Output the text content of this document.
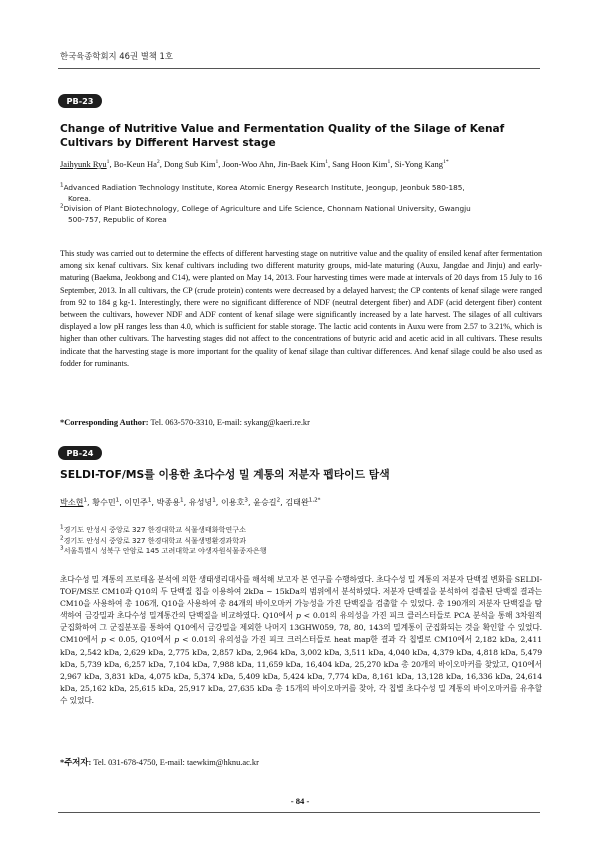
한국육종학회지 46권 별책 1호
PB-23
Change of Nutritive Value and Fermentation Quality of the Silage of Kenaf Cultivars by Different Harvest stage
Jaihyunk Ryu$^1$, Bo-Keun Ha$^2$, Dong Sub Kim$^1$, Joon-Woo Ahn, Jin-Baek Kim$^1$, Sang Hoon Kim$^1$, Si-Yong Kang$^{1*}$
$^1$Advanced Radiation Technology Institute, Korea Atomic Energy Research Institute, Jeongup, Jeonbuk 580-185,
Korea.
$^2$Division of Plant Biotechnology, College of Agriculture and Life Science, Chonnam National University, Gwangju
500-757, Republic of Korea
This study was carried out to determine the effects of different harvesting stage on nutritive value and the quality of ensiled kenaf after fermentation among six kenaf cultivars. Six kenaf cultivars including two different maturity groups, mid-late maturing (Auxu, Jangdae and Jinju) and early-maturing (Baekma, Jeokbong and C14), were planted on May 14, 2013. Four harvesting times were made at intervals of 20 days from 15 July to 16 September, 2013. In all cultivars, the CP (crude protein) contents were decreased by a delayed harvest; the CP contents of kenaf silage were ranged from 92 to 184 g kg-1. Interestingly, there were no significant difference of NDF (neutral detergent fiber) and ADF (acid detergent fiber) content between the cultivars, however NDF and ADF content of kenaf silage were significantly increased by a late harvest. The silages of all cultivars displayed a low pH ranges less than 4.0, which is sufficient for stable storage. The lactic acid contents in Auxu were from 2.57 to 3.21%, which is higher than other cultivars. The harvesting stages did not affect to the concentrations of butyric acid and acetic acid in all cultivars. These results indicate that the harvesting stage is more important for the quality of kenaf silage than cultivar differences. And kenaf silage could be also used as fodder for ruminants.
*Corresponding Author: Tel. 063-570-3310, E-mail: sykang@kaeri.re.kr
PB-24
SELDI-TOF/MS를 이용한 초다수성 밀 계통의 저분자 펩타이드 탐색
박소현$^1$, 황수민$^1$, 이민주$^1$, 박종용$^1$, 유성녕$^1$, 이용호$^3$, 윤승길$^2$, 김태완$^{1,2*}$
$^1$경기도 안성시 중앙로 327 한경대학교 식물생태화학연구소
$^2$경기도 안성시 중앙로 327 한경대학교 식물생명환경과학과
$^3$서울특별시 성북구 안암로 145 고려대학교 야생자원식물종자은행
초다수성 밀 계통의 프로테옴 분석에 의한 생태생리대사를 해석해 보고자 본 연구를 수행하였다. 초다수성 밀 계통의 저분자 단백질 변화를 SELDI-TOF/MS로 CM10과 Q10의 두 단백질 칩을 이용하여 2kDa ~ 15kDa의 범위에서 분석하였다. 저분자 단백질을 분석하여 검출된 단백질 결과는 CM10을 사용하여 총 106개, Q10을 사용하여 총 84개의 바이오마커 가능성을 가진 단백질을 검출할 수 있었다. 총 190개의 저분자 단백질을 탐색하여 금강밀과 초다수성 밀계통간의 단백질을 비교하였다. Q10에서 p < 0.01의 유의성을 가진 피크 클러스터들로 PCA 분석을 통해 3차원적 군집화하여 그 군집분포를 통하여 Q10에서 금강밀을 제외한 나머지 13GHW059, 78, 80, 143의 밀계통이 군집화되는 것을 확인할 수 있었다. CM10에서 p < 0.05, Q10에서 p < 0.01의 유의성을 가진 피크 크러스터들로 heat map한 결과 각 칩별로 CM10에서 2,182 kDa, 2,411 kDa, 2,542 kDa, 2,629 kDa, 2,775 kDa, 2,857 kDa, 2,964 kDa, 3,002 kDa, 3,511 kDa, 4,040 kDa, 4,379 kDa, 4,818 kDa, 5,479 kDa, 5,739 kDa, 6,257 kDa, 7,104 kDa, 7,988 kDa, 11,659 kDa, 16,404 kDa, 25,270 kDa 총 20개의 바이오마커를 찾았고, Q10에서 2,967 kDa, 3,831 kDa, 4,075 kDa, 5,374 kDa, 5,409 kDa, 5,424 kDa, 7,774 kDa, 8,161 kDa, 13,128 kDa, 16,336 kDa, 24,614 kDa, 25,162 kDa, 25,615 kDa, 25,917 kDa, 27,635 kDa 총 15개의 바이오마커를 찾아, 각 칩별 초다수성 밀 계통의 바이오마커를 유추할 수 있었다.
*주저자: Tel. 031-678-4750, E-mail: taewkim@hknu.ac.kr
- 84 -
